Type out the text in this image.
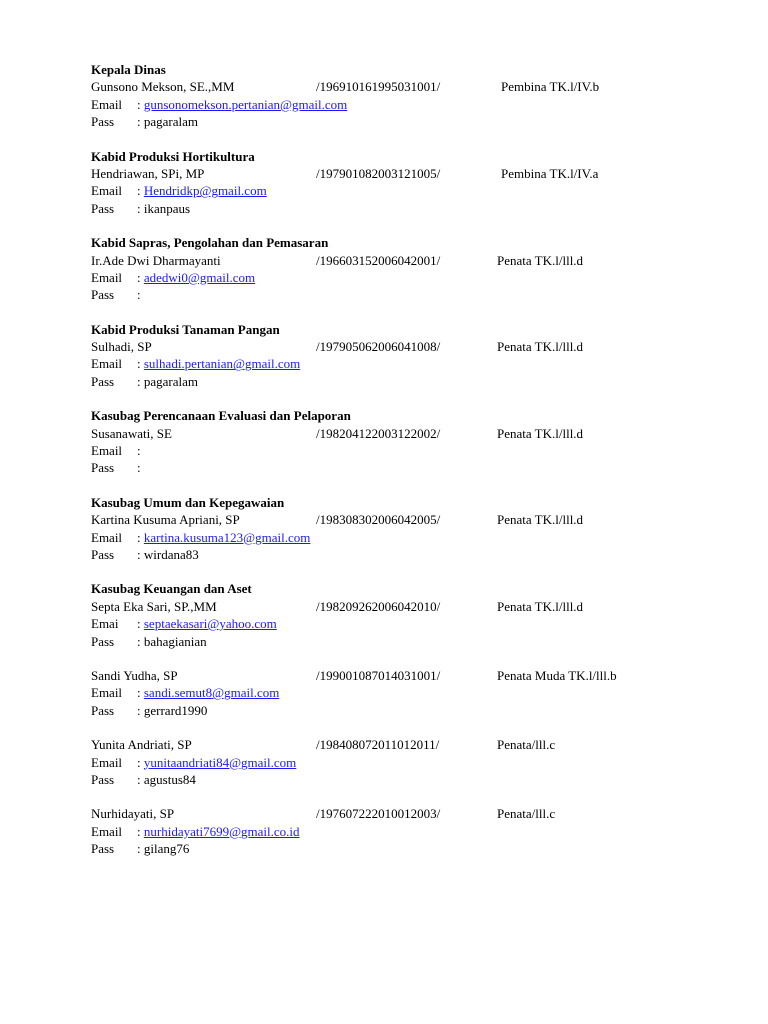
Kepala Dinas
Gunsono Mekson, SE.,MM	/196910161995031001/	Pembina TK.l/IV.b
Email : gunsonomekson.pertanian@gmail.com
Pass : pagaralam
Kabid Produksi Hortikultura
Hendriawan, SPi, MP	/197901082003121005/	Pembina TK.l/IV.a
Email : Hendridkp@gmail.com
Pass : ikanpaus
Kabid Sapras, Pengolahan dan Pemasaran
Ir.Ade Dwi Dharmayanti	/196603152006042001/	Penata TK.l/lll.d
Email : adedwi0@gmail.com
Pass :
Kabid Produksi Tanaman Pangan
Sulhadi, SP	/197905062006041008/	Penata TK.l/lll.d
Email : sulhadi.pertanian@gmail.com
Pass : pagaralam
Kasubag Perencanaan Evaluasi dan Pelaporan
Susanawati, SE	/198204122003122002/	Penata TK.l/lll.d
Email :
Pass :
Kasubag Umum dan Kepegawaian
Kartina Kusuma Apriani, SP	/198308302006042005/	Penata TK.l/lll.d
Email : kartina.kusuma123@gmail.com
Pass : wirdana83
Kasubag Keuangan dan Aset
Septa Eka Sari, SP.,MM	/198209262006042010/	Penata TK.l/lll.d
Emai : septaekasari@yahoo.com
Pass : bahagianian
Sandi Yudha, SP	/199001087014031001/	Penata Muda TK.l/lll.b
Email : sandi.semut8@gmail.com
Pass : gerrard1990
Yunita Andriati, SP	/198408072011012011/	Penata/lll.c
Email : yunitaandriati84@gmail.com
Pass : agustus84
Nurhidayati, SP	/197607222010012003/	Penata/lll.c
Email : nurhidayati7699@gmail.co.id
Pass : gilang76
